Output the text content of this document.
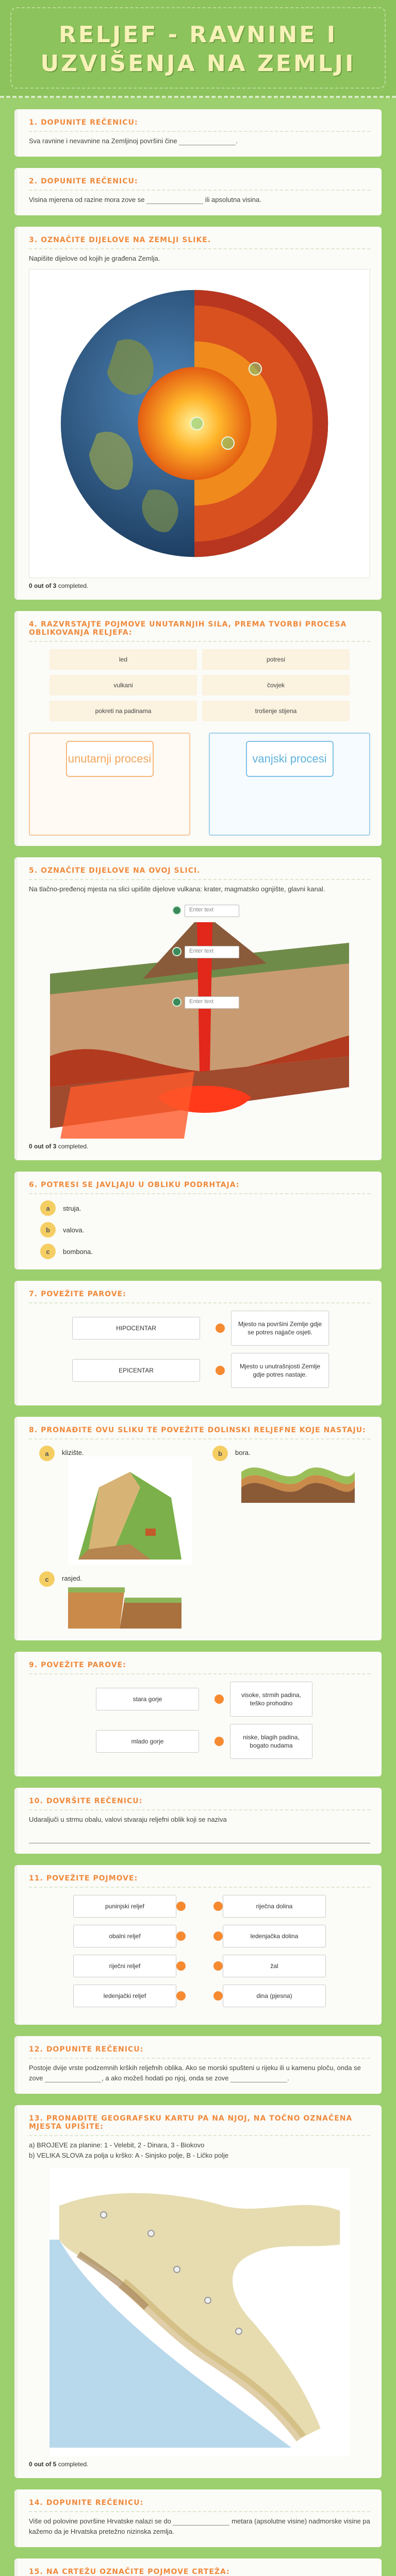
RELJEF - RAVNINE I
UZVIŠENJA NA ZEMLJI
1. DOPUNITE REČENICU:
Sva ravnine i nevavnine na Zemljinoj površini čine	.
2. DOPUNITE REČENICU:
Visina mjerena od razine mora zove se	ili apsolutna visina.
3. OZNAČITE DIJELOVE NA ZEMLJI SLIKE.
Napišite dijelove od kojih je građena Zemlja.
0 out of 3 completed.
4. RAZVRSTAJTE POJMOVE UNUTARNJIH SILA, PREMA TVORBI PROCESA OBLIKOVANJA RELJEFA:
led	potresi
vulkani	čovjek
pokreti na padinama	trošenje stijena
unutarnji procesi	vanjski procesi
5. OZNAČITE DIJELOVE NA OVOJ SLICI.
Na tlačno-pređenoj mjesta na slici upišite dijelove vulkana: krater, magmatsko ognjište, glavni kanal.
Enter text
Enter text
Enter text
0 out of 3 completed.
6. POTRESI SE JAVLJAJU U OBLIKU PODRHTAJA:
a	struja.
b	valova.
c	bombona.
7. POVEŽITE PAROVE:
HIPOCENTAR
Mjesto na površini Zemlje gdje se potres najjače osjeti.
EPICENTAR
Mjesto u unutrašnjosti Zemlje gdje potres nastaje.
8. PRONAĐITE OVU SLIKU TE POVEŽITE DOLINSKI RELJEFNE KOJE NASTAJU:
a	klizište.	b	bora.
c	rasjed.
9. POVEŽITE PAROVE:
stara gorje
visoke, strmih padina, teško prohodno
mlado gorje
niske, blagih padina, bogato nudama
10. DOVRŠITE REČENICU:
Udaraljuči u strmu obalu, valovi stvaraju reljefni oblik koji se naziva
11. POVEŽITE POJMOVE:
puninjski reljef	riječna dolina
obalni reljef	ledenjačka dolina
riječni reljef	žal
ledenjački reljef	dina (pjesna)
12. DOPUNITE REČENICU:
Postoje dvije vrste podzemnih krških reljefnih oblika. Ako se morski spušteni u rijeku ili u kamenu ploču, onda se zove	, a ako možeš hodati po njoj, onda se zove	.
13. PRONAĐITE GEOGRAFSKU KARTU PA NA NJOJ, NA TOČNO OZNAČENA MJESTA UPIŠITE:
a) BROJEVE za planine: 1 - Velebit, 2 - Dinara, 3 - Biokovo
b) VELIKA SLOVA za polja u krško: A - Sinjsko polje, B - Ličko polje
0 out of 5 completed.
14. DOPUNITE REČENICU:
Više od polovine površine Hrvatske nalazi se do	metara (apsolutne visine) nadmorske visine pa kažemo da je Hrvatska pretežno nizinska zemlja.
15. NA CRTEŽU OZNAČITE POJMOVE CRTEŽA:
